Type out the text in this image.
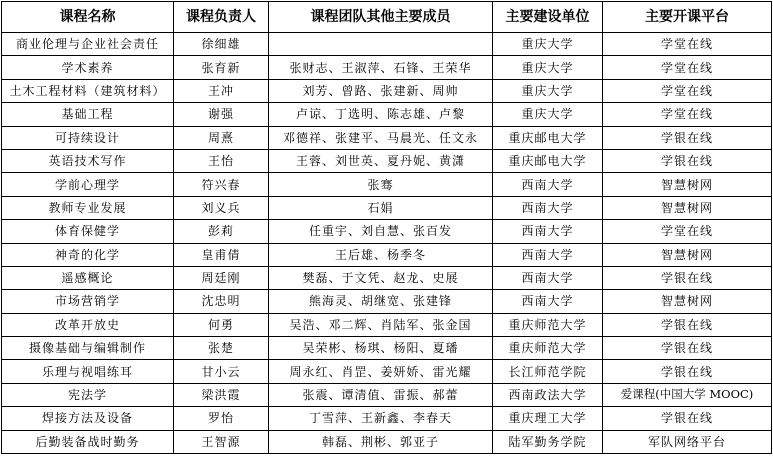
课程名称	课程负责人	课程团队其他主要成员	主要建设单位	主要开课平台
商业伦理与企业社会责任	徐细雄		重庆大学	学堂在线
学术素养	张育新	张财志、王淑萍、石锋、王荣华	重庆大学	学堂在线
土木工程材料（建筑材料）	王冲	刘芳、曾路、张建新、周帅	重庆大学	学堂在线
基础工程	谢强	卢谅、丁选明、陈志雄、卢黎	重庆大学	学堂在线
可持续设计	周熹	邓德祥、张建平、马晨光、任文永	重庆邮电大学	学银在线
英语技术写作	王怡	王蓉、刘世英、夏丹妮、黄潇	重庆邮电大学	学银在线
学前心理学	符兴春	张骞	西南大学	智慧树网
教师专业发展	刘义兵	石娟	西南大学	智慧树网
体育保健学	彭莉	任重宇、刘自慧、张百发	西南大学	学堂在线
神奇的化学	皇甫倩	王后雄、杨季冬	西南大学	智慧树网
遥感概论	周廷刚	樊磊、于文凭、赵龙、史展	西南大学	学银在线
市场营销学	沈忠明	熊海灵、胡继宽、张建锋	西南大学	智慧树网
改革开放史	何勇	吴浩、邓二辉、肖陆军、张金国	重庆师范大学	学银在线
摄像基础与编辑制作	张楚	吴荣彬、杨琪、杨阳、夏璠	重庆师范大学	学银在线
乐理与视唱练耳	甘小云	周永红、肖罡、姜妍娇、雷光耀	长江师范学院	学银在线
宪法学	梁洪霞	张震、谭清值、雷振、郝蕾	西南政法大学	爱课程(中国大学 MOOC)
焊接方法及设备	罗怡	丁雪萍、王新鑫、李春天	重庆理工大学	学银在线
后勤装备战时勤务	王智源	韩磊、荆彬、郭亚子	陆军勤务学院	军队网络平台
